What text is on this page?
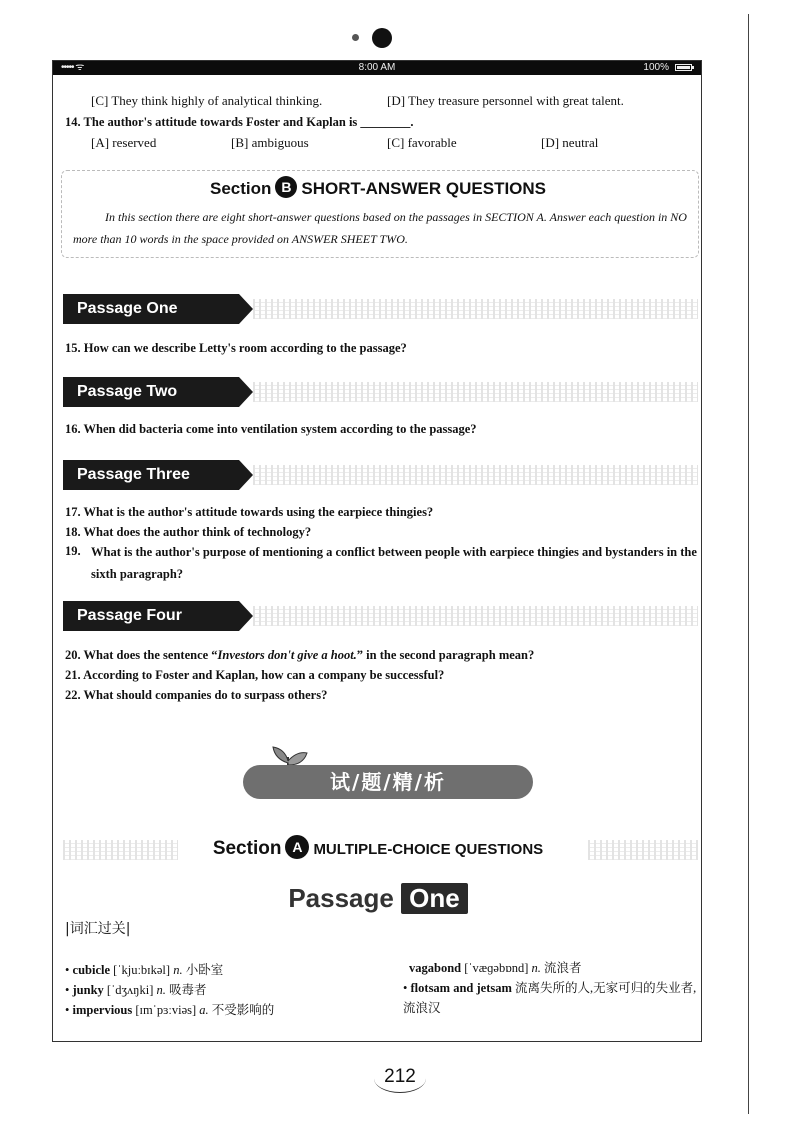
••••• ᯤ	8:00 AM	100%
[C] They think highly of analytical thinking.	[D] They treasure personnel with great talent.
14. The author's attitude towards Foster and Kaplan is ________.
[A] reserved	[B] ambiguous	[C] favorable	[D] neutral
Section B SHORT-ANSWER QUESTIONS
In this section there are eight short-answer questions based on the passages in SECTION A. Answer each question in NO more than 10 words in the space provided on ANSWER SHEET TWO.
Passage One
15. How can we describe Letty's room according to the passage?
Passage Two
16. When did bacteria come into ventilation system according to the passage?
Passage Three
17. What is the author's attitude towards using the earpiece thingies?
18. What does the author think of technology?
19. What is the author's purpose of mentioning a conflict between people with earpiece thingies and bystanders in the sixth paragraph?
Passage Four
20. What does the sentence “Investors don't give a hoot.” in the second paragraph mean?
21. According to Foster and Kaplan, how can a company be successful?
22. What should companies do to surpass others?
试/题/精/析
Section A MULTIPLE-CHOICE QUESTIONS
Passage One
|词汇过关|
• cubicle [ˈkjuːbɪkəl] n. 小卧室
• junky [ˈdʒʌŋki] n. 吸毒者
• impervious [ɪmˈpɜːviəs] a. 不受影响的
vagabond [ˈvæɡəbɒnd] n. 流浪者
• flotsam and jetsam 流离失所的人,无家可归的失业者,流浪汉
212
